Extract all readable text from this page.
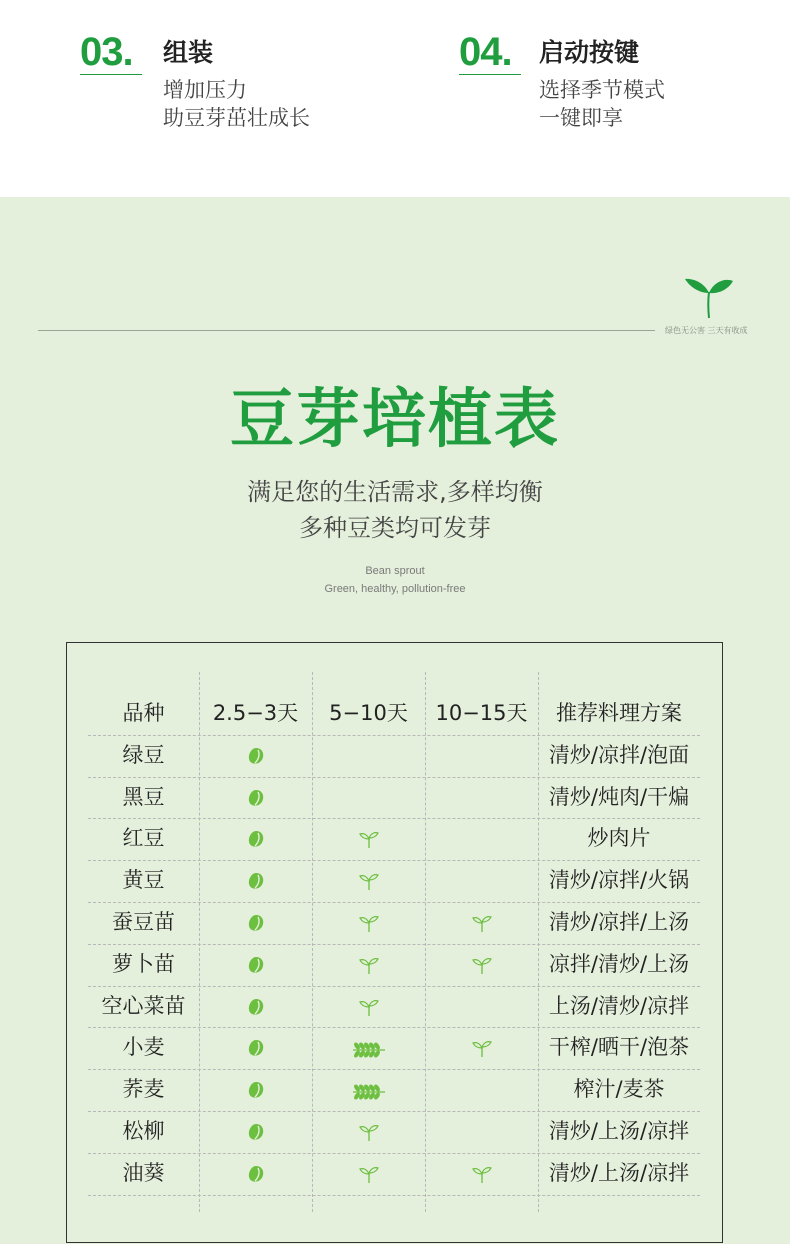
03. 组装
增加压力
助豆芽茁壮成长
04. 启动按键
选择季节模式
一键即享
绿色无公害 三天有收成
豆芽培植表
满足您的生活需求,多样均衡
多种豆类均可发芽
Bean sprout
Green, healthy, pollution-free
品种	2.5−3天	5−10天	10−15天	推荐料理方案
绿豆	清炒/凉拌/泡面
黑豆	清炒/炖肉/干煸
红豆	炒肉片
黄豆	清炒/凉拌/火锅
蚕豆苗	清炒/凉拌/上汤
萝卜苗	凉拌/清炒/上汤
空心菜苗	上汤/清炒/凉拌
小麦	干榨/晒干/泡茶
荞麦	榨汁/麦茶
松柳	清炒/上汤/凉拌
油葵	清炒/上汤/凉拌
